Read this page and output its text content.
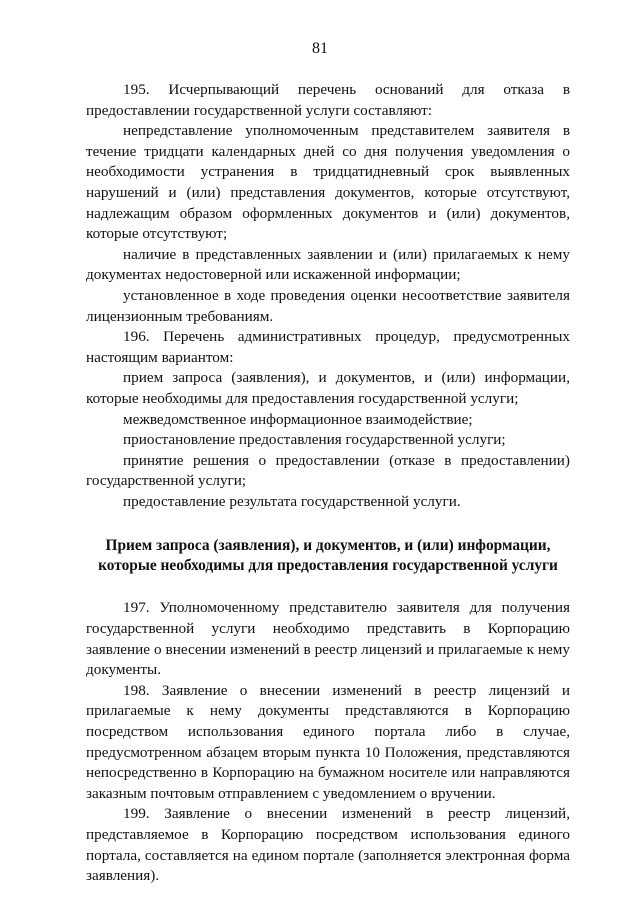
81

195. Исчерпывающий перечень оснований для отказа в предоставлении государственной услуги составляют:

непредставление уполномоченным представителем заявителя в течение тридцати календарных дней со дня получения уведомления о необходимости устранения в тридцатидневный срок выявленных нарушений и (или) представления документов, которые отсутствуют, надлежащим образом оформленных документов и (или) документов, которые отсутствуют;

наличие в представленных заявлении и (или) прилагаемых к нему документах недостоверной или искаженной информации;

установленное в ходе проведения оценки несоответствие заявителя лицензионным требованиям.

196. Перечень административных процедур, предусмотренных настоящим вариантом:

прием запроса (заявления), и документов, и (или) информации, которые необходимы для предоставления государственной услуги;

межведомственное информационное взаимодействие;

приостановление предоставления государственной услуги;

принятие решения о предоставлении (отказе в предоставлении) государственной услуги;

предоставление результата государственной услуги.

Прием запроса (заявления), и документов, и (или) информации, которые необходимы для предоставления государственной услуги

197. Уполномоченному представителю заявителя для получения государственной услуги необходимо представить в Корпорацию заявление о внесении изменений в реестр лицензий и прилагаемые к нему документы.

198. Заявление о внесении изменений в реестр лицензий и прилагаемые к нему документы представляются в Корпорацию посредством использования единого портала либо в случае, предусмотренном абзацем вторым пункта 10 Положения, представляются непосредственно в Корпорацию на бумажном носителе или направляются заказным почтовым отправлением с уведомлением о вручении.

199. Заявление о внесении изменений в реестр лицензий, представляемое в Корпорацию посредством использования единого портала, составляется на едином портале (заполняется электронная форма заявления).
